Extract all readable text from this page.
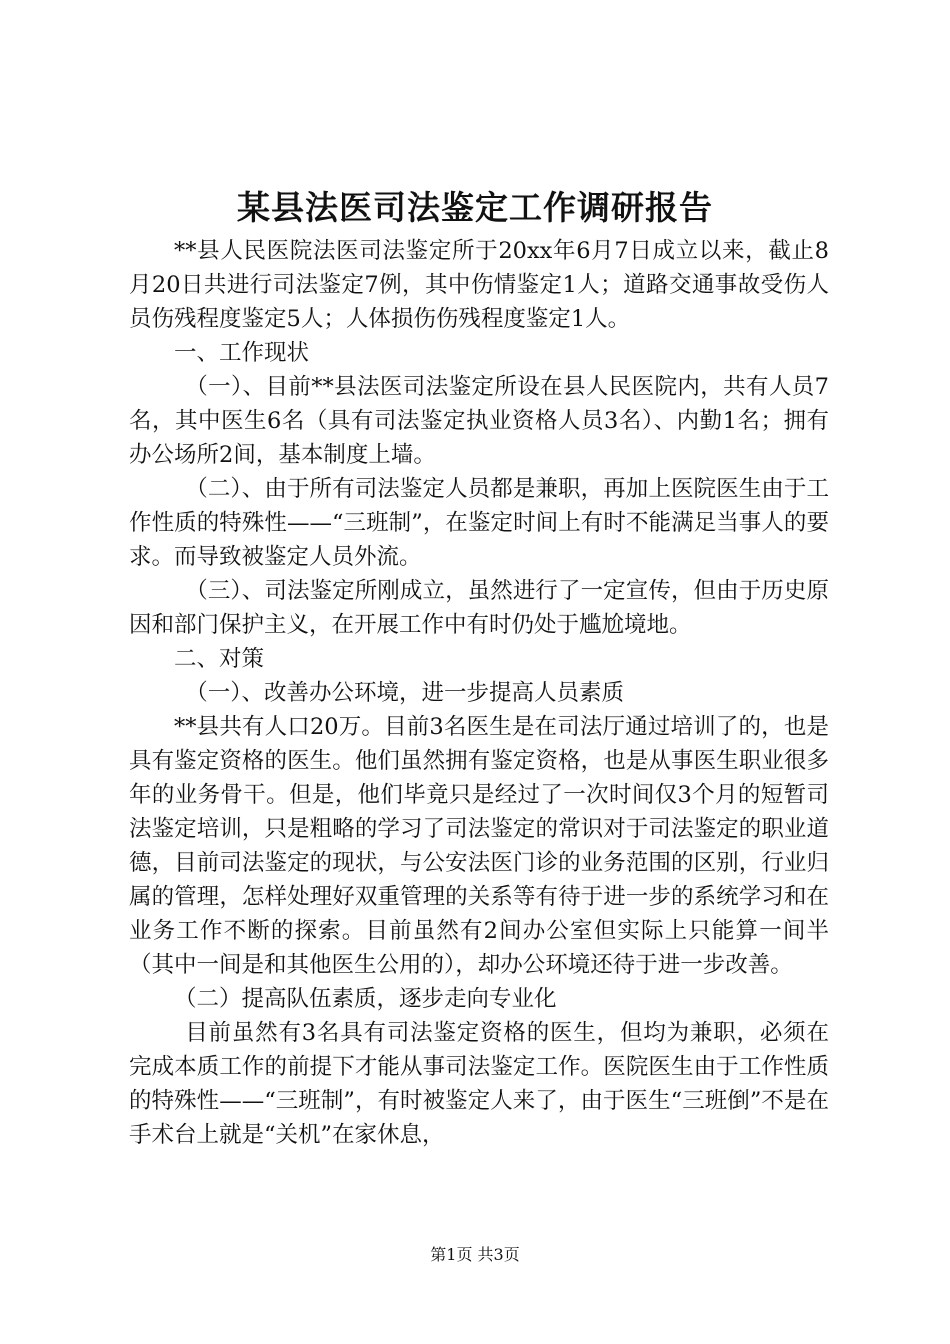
某县法医司法鉴定工作调研报告

**县人民医院法医司法鉴定所于20xx年6月7日成立以来，截止8月20日共进行司法鉴定7例，其中伤情鉴定1人；道路交通事故受伤人员伤残程度鉴定5人；人体损伤伤残程度鉴定1人。

一、工作现状

（一）、目前**县法医司法鉴定所设在县人民医院内，共有人员7名，其中医生6名（具有司法鉴定执业资格人员3名）、内勤1名；拥有办公场所2间，基本制度上墙。

（二）、由于所有司法鉴定人员都是兼职，再加上医院医生由于工作性质的特殊性——“三班制”，在鉴定时间上有时不能满足当事人的要求。而导致被鉴定人员外流。

（三）、司法鉴定所刚成立，虽然进行了一定宣传，但由于历史原因和部门保护主义，在开展工作中有时仍处于尴尬境地。

二、对策

（一）、改善办公环境，进一步提高人员素质

**县共有人口20万。目前3名医生是在司法厅通过培训了的，也是具有鉴定资格的医生。他们虽然拥有鉴定资格，也是从事医生职业很多年的业务骨干。但是，他们毕竟只是经过了一次时间仅3个月的短暂司法鉴定培训，只是粗略的学习了司法鉴定的常识对于司法鉴定的职业道德，目前司法鉴定的现状，与公安法医门诊的业务范围的区别，行业归属的管理，怎样处理好双重管理的关系等有待于进一步的系统学习和在业务工作不断的探索。目前虽然有2间办公室但实际上只能算一间半（其中一间是和其他医生公用的），却办公环境还待于进一步改善。

（二）提高队伍素质，逐步走向专业化

目前虽然有3名具有司法鉴定资格的医生，但均为兼职，必须在完成本质工作的前提下才能从事司法鉴定工作。医院医生由于工作性质的特殊性——“三班制”，有时被鉴定人来了，由于医生“三班倒”不是在手术台上就是“关机”在家休息，

第1页 共3页
